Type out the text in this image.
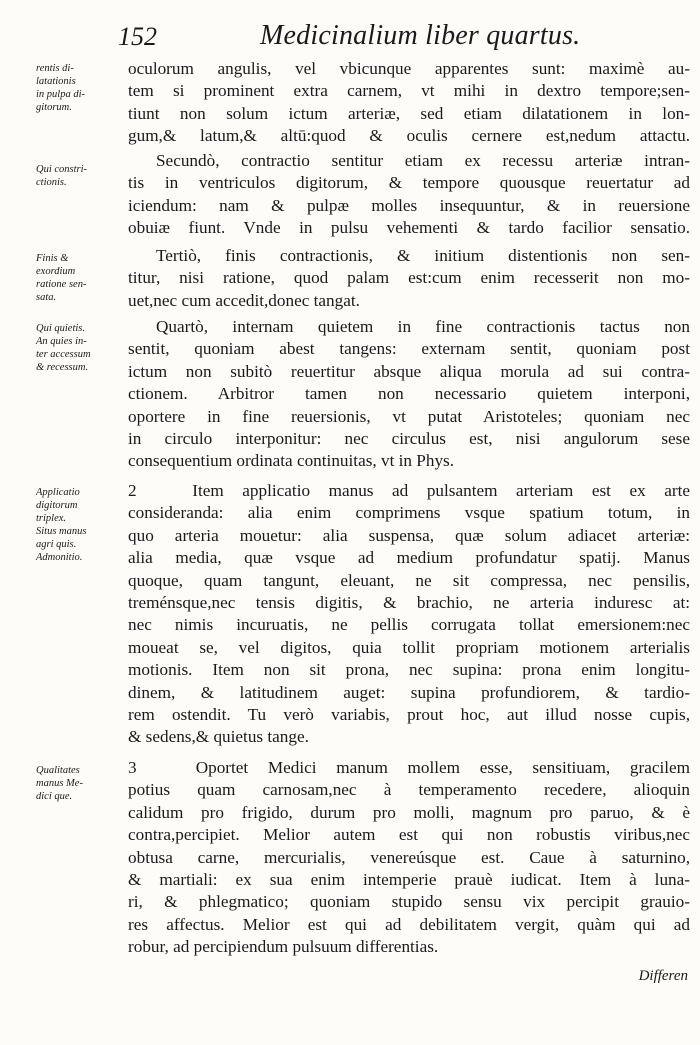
152	Medicinalium liber quartus.
rentis di-
latationis
in pulpa di-
gitorum.
Qui constri-
ctionis.
Finis &
exordium
ratione sen-
sata.
Qui quietis.
An quies in-
ter accessum
& recessum.
Applicatio
digitorum
triplex.
Situs manus
agri quis.
Admonitio.
Qualitates
manus Me-
dici que.
oculorum angulis, vel vbicunque apparentes sunt: maximè au-
tem si prominent extra carnem, vt mihi in dextro tempore;sen-
tiunt non solum ictum arteriæ, sed etiam dilatationem in lon-
gum,& latum,& altū:quod & oculis cernere est,nedum attactu.
Secundò, contractio sentitur etiam ex recessu arteriæ intran-
tis in ventriculos digitorum, & tempore quousque reuertatur ad
iciendum: nam & pulpæ molles insequuntur, & in reuersione
obuiæ fiunt. Vnde in pulsu vehementi & tardo facilior sensatio.
Tertiò, finis contractionis, & initium distentionis non sen-
titur, nisi ratione, quod palam est:cum enim recesserit non mo-
uet,nec cum accedit,donec tangat.
Quartò, internam quietem in fine contractionis tactus non
sentit, quoniam abest tangens: externam sentit, quoniam post
ictum non subitò reuertitur absque aliqua morula ad sui contra-
ctionem. Arbitror tamen non necessario quietem interponi,
oportere in fine reuersionis, vt putat Aristoteles; quoniam nec
in circulo interponitur: nec circulus est, nisi angulorum sese
consequentium ordinata continuitas, vt in Phys.
2	Item applicatio manus ad pulsantem arteriam est ex arte
consideranda: alia enim comprimens vsque spatium totum, in
quo arteria mouetur: alia suspensa, quæ solum adiacet arteriæ:
alia media, quæ vsque ad medium profundatur spatij. Manus
quoque, quam tangunt, eleuant, ne sit compressa, nec pensilis,
treménsque,nec tensis digitis, & brachio, ne arteria induresc at:
nec nimis incuruatis, ne pellis corrugata tollat emersionem:nec
moueat se, vel digitos, quia tollit propriam motionem arterialis
motionis. Item non sit prona, nec supina: prona enim longitu-
dinem, & latitudinem auget: supina profundiorem, & tardio-
rem ostendit. Tu verò variabis, prout hoc, aut illud nosse cupis,
& sedens,& quietus tange.
3	Oportet Medici manum mollem esse, sensitiuam, gracilem
potius quam carnosam,nec à temperamento recedere, alioquin
calidum pro frigido, durum pro molli, magnum pro paruo, & è
contra,percipiet. Melior autem est qui non robustis viribus,nec
obtusa carne, mercurialis, venereúsque est. Caue à saturnino,
& martiali: ex sua enim intemperie prauè iudicat. Item à luna-
ri, & phlegmatico; quoniam stupido sensu vix percipit grauio-
res affectus. Melior est qui ad debilitatem vergit, quàm qui ad
robur, ad percipiendum pulsuum differentias.
Differen
